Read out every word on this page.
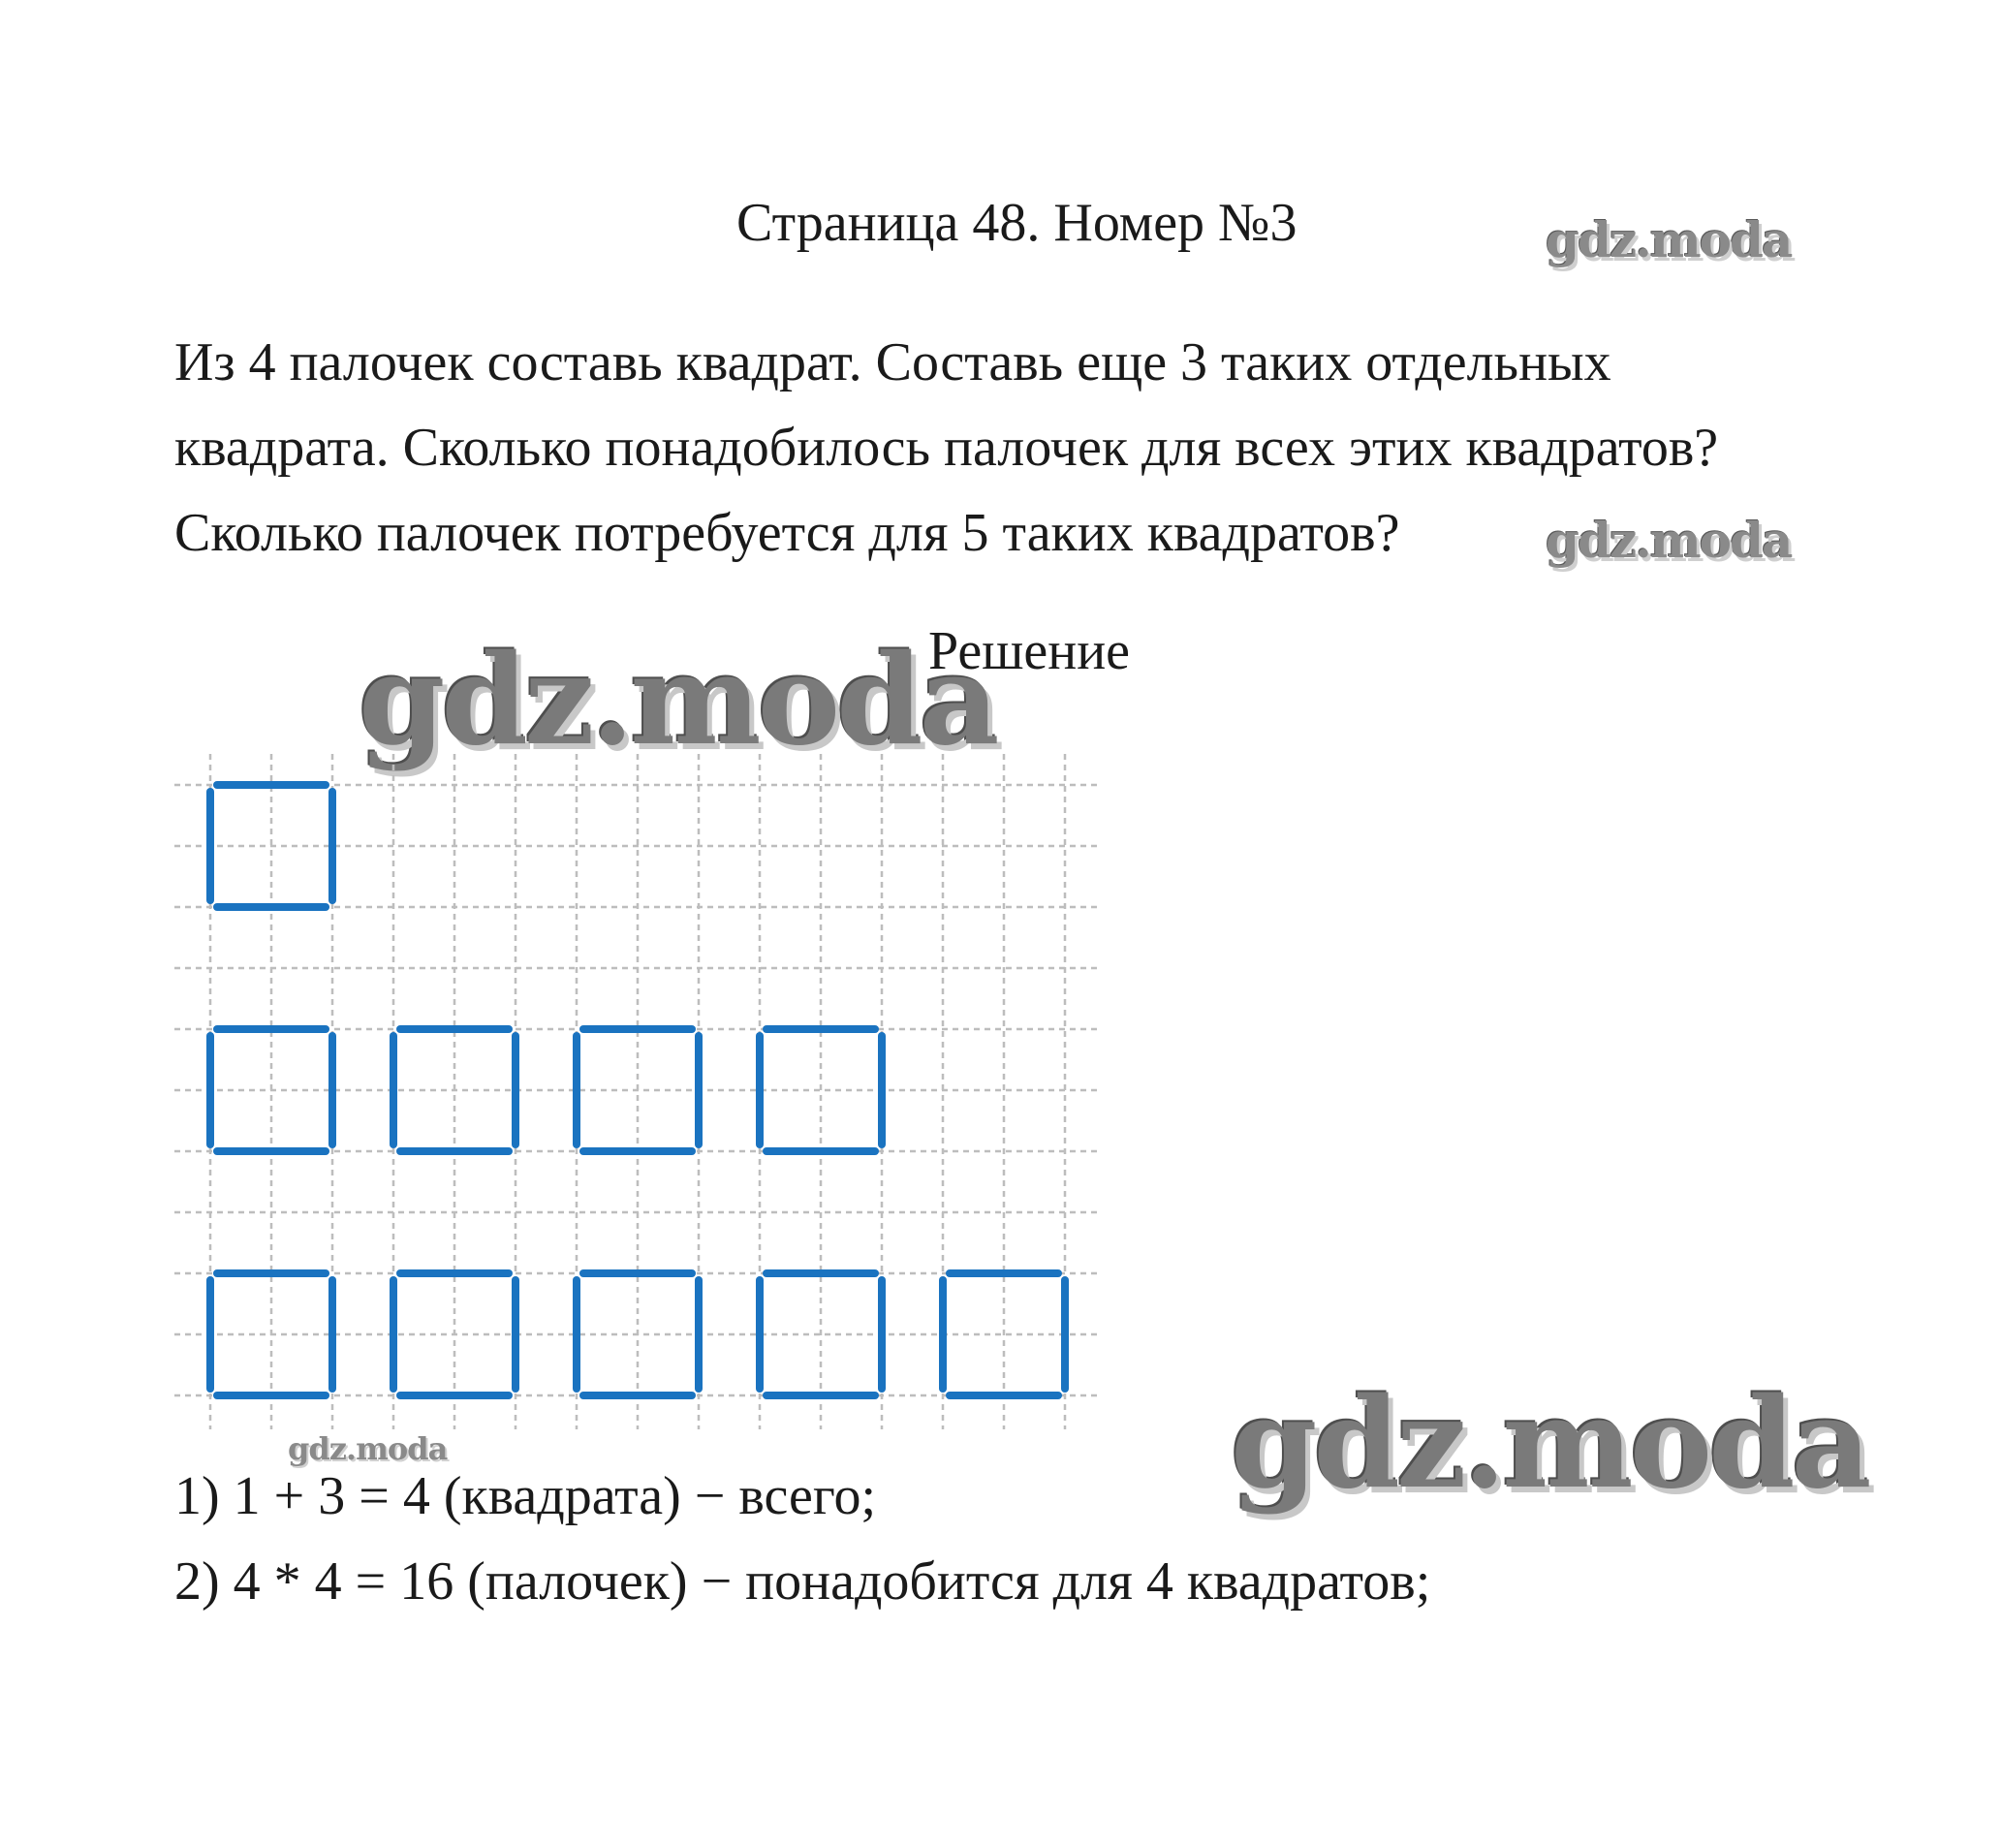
Страница 48. Номер №3	gdz.moda
Из 4 палочек составь квадрат. Составь еще 3 таких отдельных
квадрата. Сколько понадобилось палочек для всех этих квадратов?
Сколько палочек потребуется для 5 таких квадратов?	gdz.moda
gdz.moda
Решение
gdz.moda	gdz.moda
1) 1 + 3 = 4 (квадрата) − всего;
2) 4 * 4 = 16 (палочек) − понадобится для 4 квадратов;
